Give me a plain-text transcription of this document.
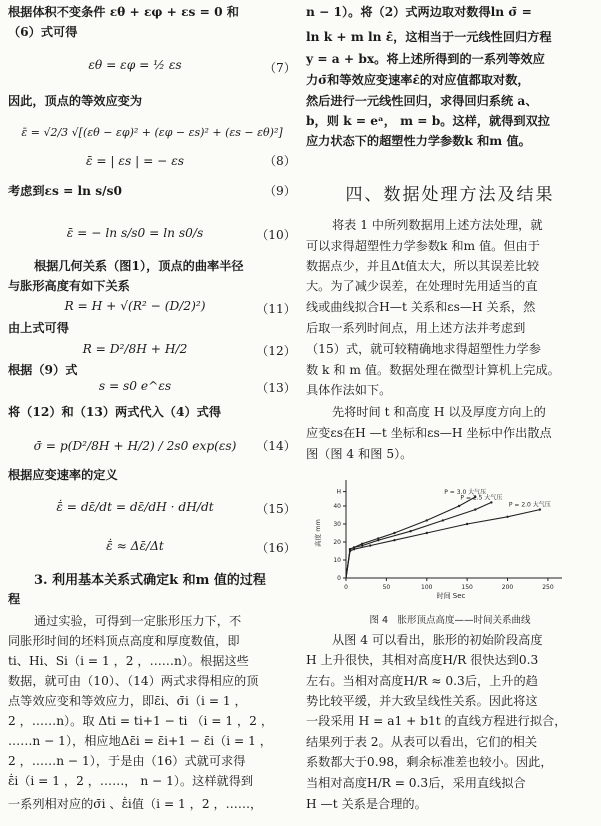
根据体积不变条件 εθ + εφ + εs = 0 和
（6）式可得
εθ = εφ = ½ εs	（7）
因此，顶点的等效应变为
ε̄ = √2/3 √[(εθ − εφ)² + (εφ − εs)² + (εs − εθ)²]
ε̄ = | εs | = − εs	（8）
考虑到εs = ln s/s0	（9）
ε̄ = − ln s/s0 = ln s0/s	（10）
根据几何关系（图1），顶点的曲率半径
与胀形高度有如下关系
R = H + √(R² − (D/2)²)	（11）
由上式可得
R = D²/8H + H/2	（12）
根据（9）式
s = s0 e^εs	（13）
将（12）和（13）两式代入（4）式得
σ̄ = p(D²/8H + H/2) / 2s0 exp(εs)	（14）
根据应变速率的定义
ε̄̇ = dε̄/dt = dε̄/dH · dH/dt	（15）
ε̄̇ ≈ Δε̄/Δt	（16）
3. 利用基本关系式确定k 和m 值的过程
程
通过实验，可得到一定胀形压力下，不
同胀形时间的坯料顶点高度和厚度数值，即
ti、Hi、Si（i = 1 ，2 ，……n）。根据这些
数据，就可由（10）、（14）两式求得相应的顶
点等效应变和等效应力，即ε̄i、σ̄i（i = 1 ，
2 ，……n）。取 Δti = ti+1 − ti （i = 1 ，2 ，
……n − 1），相应地Δε̄i = ε̄i+1 − ε̄i（i = 1 ，
2 ，……n − 1），于是由（16）式就可求得
ε̄̇i（i = 1 ，2 ，……， n − 1）。这样就得到
一系列相对应的σ̄i 、ε̄̇i值（i = 1 ，2 ，……，
n − 1）。将（2）式两边取对数得ln σ̄ =
ln k + m ln ε̄̇，这相当于一元线性回归方程
y = a + bx。将上述所得到的一系列等效应
力σ̄和等效应变速率ε̄̇的对应值都取对数，
然后进行一元线性回归，求得回归系统 a、
b，则 k = eᵃ， m = b。这样，就得到双拉
应力状态下的超塑性力学参数k 和m 值。
四、数据处理方法及结果
将表 1 中所列数据用上述方法处理，就
可以求得超塑性力学参数k 和m 值。但由于
数据点少，并且Δt值太大，所以其误差比较
大。为了减少误差，在处理时先用适当的直
线或曲线拟合H—t 关系和εs—H 关系，然
后取一系列时间点，用上述方法并考虑到
（15）式，就可较精确地求得超塑性力学参
数 k 和 m 值。数据处理在微型计算机上完成。
具体作法如下。
先将时间 t 和高度 H 以及厚度方向上的
应变εs在H —t 坐标和εs—H 坐标中作出散点
图（图 4 和图 5）。
0	50	100	150	200	250
0
10
20
30
40
H
时间 Sec
高度 mm
P = 3.0 大气压
P = 2.5 大气压
P = 2.0 大气压
图 4　胀形顶点高度——时间关系曲线
从图 4 可以看出，胀形的初始阶段高度
H 上升很快，其相对高度H/R 很快达到0.3
左右。当相对高度H/R ≈ 0.3后，上升的趋
势比较平缓，并大致呈线性关系。因此将这
一段采用 H = a1 + b1t 的直线方程进行拟合，
结果列于表 2。从表可以看出，它们的相关
系数都大于0.98，剩余标准差也较小。因此，
当相对高度H/R = 0.3后，采用直线拟合
H —t 关系是合理的。
